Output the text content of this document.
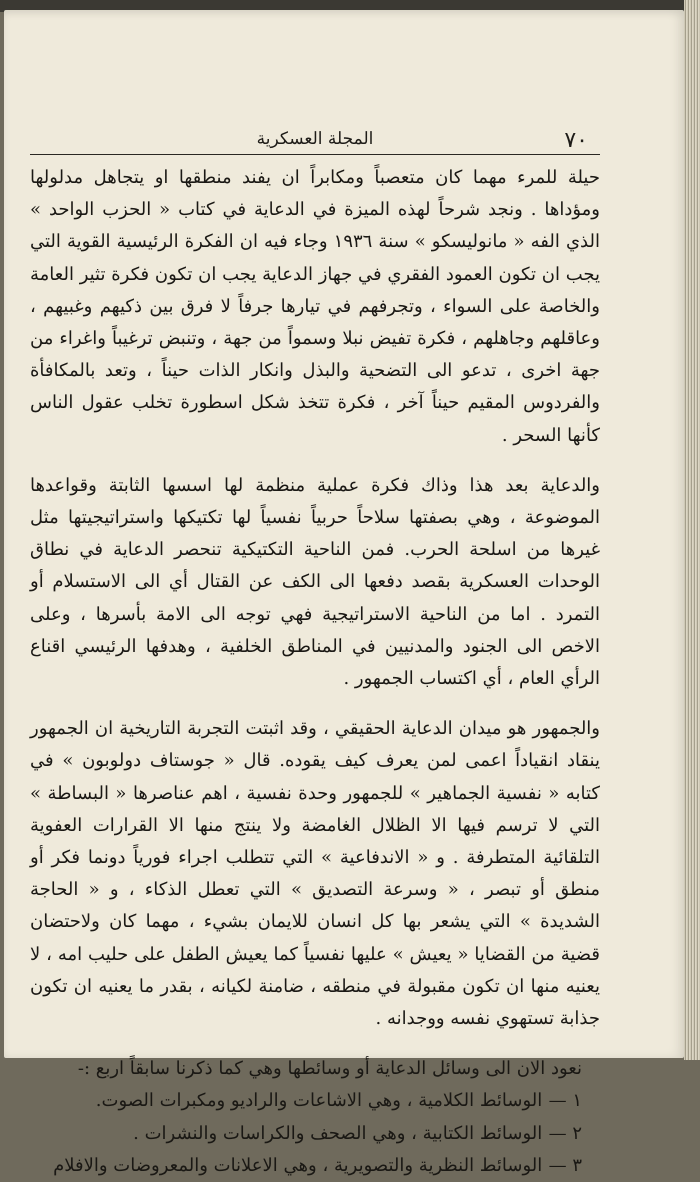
٧٠
المجلة العسكرية

حيلة للمرء مهما كان متعصباً ومكابراً ان يفند منطقها او يتجاهل مدلولها ومؤداها . ونجد شرحاً لهذه الميزة في الدعاية في كتاب « الحزب الواحد » الذي الفه « مانوليسكو » سنة ١٩٣٦ وجاء فيه ان الفكرة الرئيسية القوية التي يجب ان تكون العمود الفقري في جهاز الدعاية يجب ان تكون فكرة تثير العامة والخاصة على السواء ، وتجرفهم في تيارها جرفاً لا فرق بين ذكيهم وغبيهم ، وعاقلهم وجاهلهم ، فكرة تفيض نبلا وسمواً من جهة ، وتنبض ترغيباً واغراء من جهة اخرى ، تدعو الى التضحية والبذل وانكار الذات حيناً ، وتعد بالمكافأة والفردوس المقيم حيناً آخر ، فكرة تتخذ شكل اسطورة تخلب عقول الناس كأنها السحر .

والدعاية بعد هذا وذاك فكرة عملية منظمة لها اسسها الثابتة وقواعدها الموضوعة ، وهي بصفتها سلاحاً حربياً نفسياً لها تكتيكها واستراتيجيتها مثل غيرها من اسلحة الحرب. فمن الناحية التكتيكية تنحصر الدعاية في نطاق الوحدات العسكرية بقصد دفعها الى الكف عن القتال أي الى الاستسلام أو التمرد . اما من الناحية الاستراتيجية فهي توجه الى الامة بأسرها ، وعلى الاخص الى الجنود والمدنيين في المناطق الخلفية ، وهدفها الرئيسي اقناع الرأي العام ، أي اكتساب الجمهور .

والجمهور هو ميدان الدعاية الحقيقي ، وقد اثبتت التجربة التاريخية ان الجمهور ينقاد انقياداً اعمى لمن يعرف كيف يقوده. قال « جوستاف دولوبون » في كتابه « نفسية الجماهير » للجمهور وحدة نفسية ، اهم عناصرها « البساطة » التي لا ترسم فيها الا الظلال الغامضة ولا ينتج منها الا القرارات العفوية التلقائية المتطرفة . و « الاندفاعية » التي تتطلب اجراء فورياً دونما فكر أو منطق أو تبصر ، « وسرعة التصديق » التي تعطل الذكاء ، و « الحاجة الشديدة » التي يشعر بها كل انسان للايمان بشيء ، مهما كان ولاحتضان قضية من القضايا « يعيش » عليها نفسياً كما يعيش الطفل على حليب امه ، لا يعنيه منها ان تكون مقبولة في منطقه ، ضامنة لكيانه ، بقدر ما يعنيه ان تكون جذابة تستهوي نفسه ووجدانه .

نعود الان الى وسائل الدعاية أو وسائطها وهي كما ذكرنا سابقاً اربع :-

١ — الوسائط الكلامية ، وهي الاشاعات والراديو ومكبرات الصوت.

٢ — الوسائط الكتابية ، وهي الصحف والكراسات والنشرات .

٣ — الوسائط النظرية والتصويرية ، وهي الاعلانات والمعروضات والافلام
